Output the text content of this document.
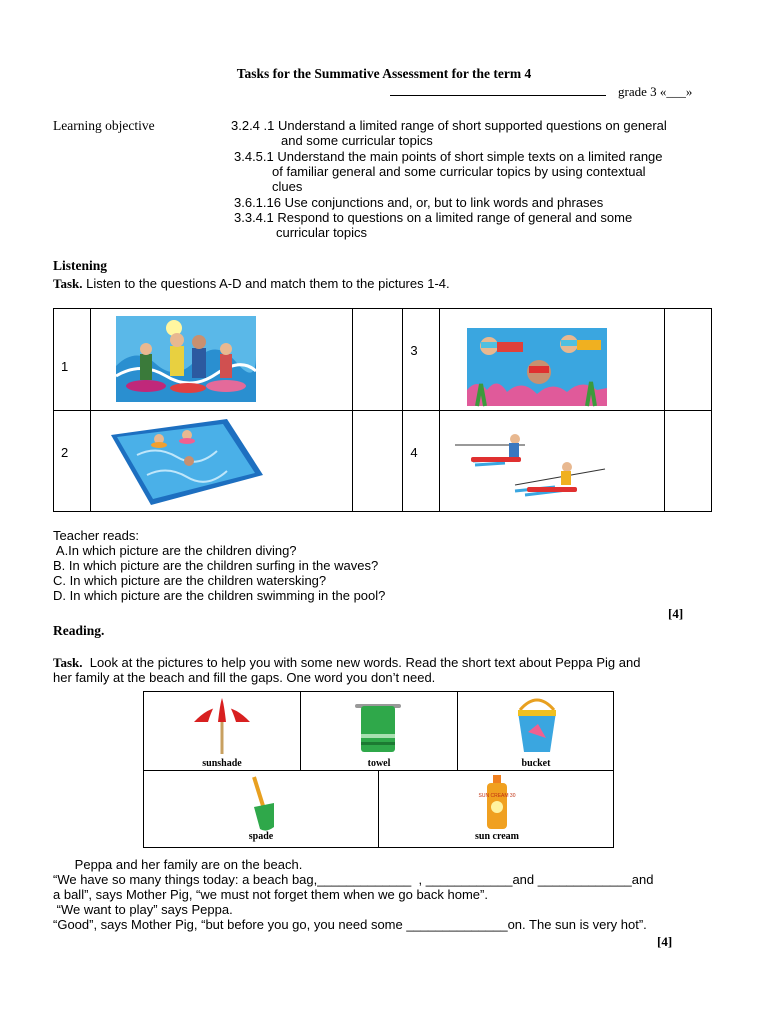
Tasks for the Summative Assessment for the term 4
grade 3 «___»
Learning objective	3.2.4 .1 Understand a limited range of short supported questions on general
and some curricular topics
3.4.5.1 Understand the main points of short simple texts on a limited range
of familiar general and some curricular topics by using contextual
clues
3.6.1.16 Use conjunctions and, or, but to link words and phrases
3.3.4.1 Respond to questions on a limited range of general and some
curricular topics
Listening
Task. Listen to the questions A-D and match them to the pictures 1-4.
1			3

2			4

Teacher reads:
A.In which picture are the children diving?
B. In which picture are the children surfing in the waves?
C. In which picture are the children watersking?
D. In which picture are the children swimming in the pool?
[4]
Reading.
Task.  Look at the pictures to help you with some new words. Read the short text about Peppa Pig and
her family at the beach and fill the gaps. One word you don’t need.
sunshade	towel	bucket
spade
SUN CREAM 30
sun cream
Peppa and her family are on the beach.
“We have so many things today: a beach bag,_____________  , ____________and _____________and
a ball”, says Mother Pig, “we must not forget them when we go back home”.
“We want to play” says Peppa.
“Good”, says Mother Pig, “but before you go, you need some ______________on. The sun is very hot”.
[4]
